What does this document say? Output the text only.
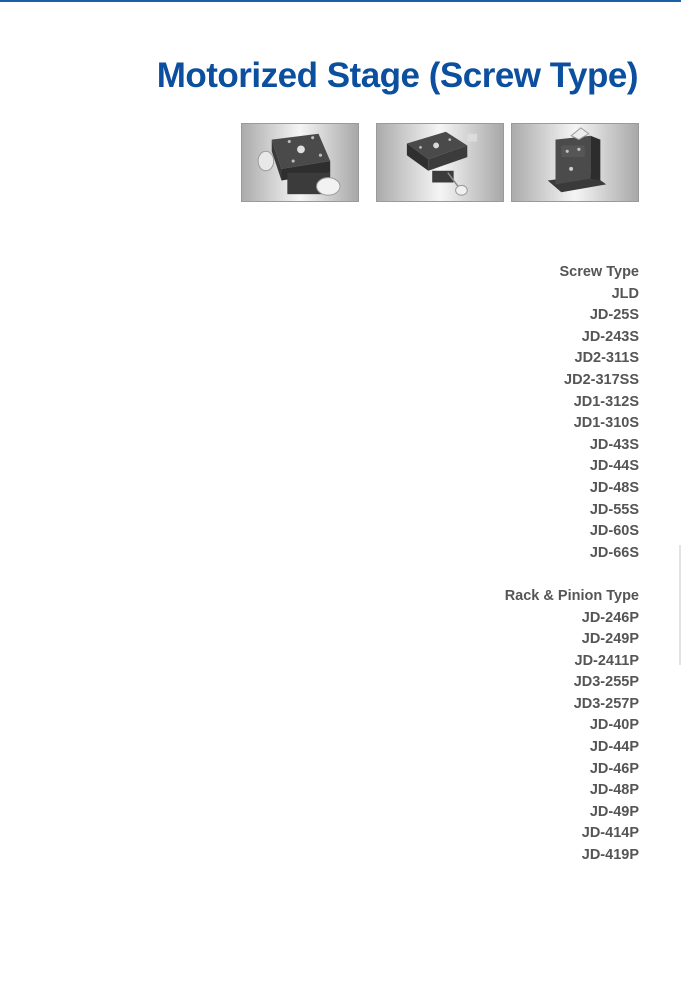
Motorized Stage (Screw Type)
Screw Type
JLD
JD-25S
JD-243S
JD2-311S
JD2-317SS
JD1-312S
JD1-310S
JD-43S
JD-44S
JD-48S
JD-55S
JD-60S
JD-66S
Rack & Pinion Type
JD-246P
JD-249P
JD-2411P
JD3-255P
JD3-257P
JD-40P
JD-44P
JD-46P
JD-48P
JD-49P
JD-414P
JD-419P
